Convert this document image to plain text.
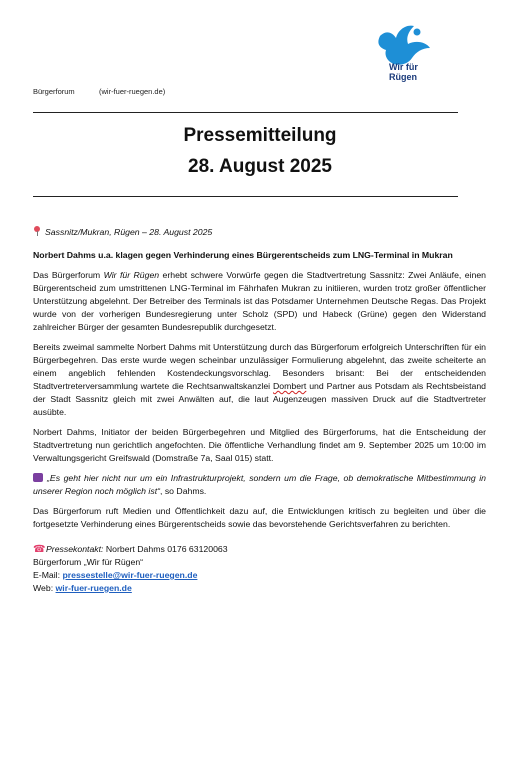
Wir für
Rügen
Bürgerforum	(wir-fuer-ruegen.de)
Pressemitteilung
28. August 2025

Sassnitz/Mukran, Rügen – 28. August 2025

Norbert Dahms u.a. klagen gegen Verhinderung eines Bürgerentscheids zum LNG-Terminal in Mukran

Das Bürgerforum Wir für Rügen erhebt schwere Vorwürfe gegen die Stadtvertretung Sassnitz: Zwei Anläufe, einen Bürgerentscheid zum umstrittenen LNG-Terminal im Fährhafen Mukran zu initiieren, wurden trotz großer öffentlicher Unterstützung abgelehnt. Der Betreiber des Terminals ist das Potsdamer Unternehmen Deutsche Regas. Das Projekt wurde von der vorherigen Bundesregierung unter Scholz (SPD) und Habeck (Grüne) gegen den Widerstand zahlreicher Bürger der gesamten Bundesrepublik durchgesetzt.

Bereits zweimal sammelte Norbert Dahms mit Unterstützung durch das Bürgerforum erfolgreich Unterschriften für ein Bürgerbegehren. Das erste wurde wegen scheinbar unzulässiger Formulierung abgelehnt, das zweite scheiterte an einem angeblich fehlenden Kostendeckungsvorschlag. Besonders brisant: Bei der entscheidenden Stadtvertreterversammlung wartete die Rechtsanwaltskanzlei Dombert und Partner aus Potsdam als Rechtsbeistand der Stadt Sassnitz gleich mit zwei Anwälten auf, die laut Augenzeugen massiven Druck auf die Stadtvertreter ausübte.

Norbert Dahms, Initiator der beiden Bürgerbegehren und Mitglied des Bürgerforums, hat die Entscheidung der Stadtvertretung nun gerichtlich angefochten. Die öffentliche Verhandlung findet am 9. September 2025 um 10:00 im Verwaltungsgericht Greifswald (Domstraße 7a, Saal 015) statt.

„Es geht hier nicht nur um ein Infrastrukturprojekt, sondern um die Frage, ob demokratische Mitbestimmung in unserer Region noch möglich ist“, so Dahms.

Das Bürgerforum ruft Medien und Öffentlichkeit dazu auf, die Entwicklungen kritisch zu begleiten und über die fortgesetzte Verhinderung eines Bürgerentscheids sowie das bevorstehende Gerichtsverfahren zu berichten.

☎Pressekontakt: Norbert Dahms 0176 63120063

Bürgerforum „Wir für Rügen“

E-Mail: pressestelle@wir-fuer-ruegen.de

Web: wir-fuer-ruegen.de
